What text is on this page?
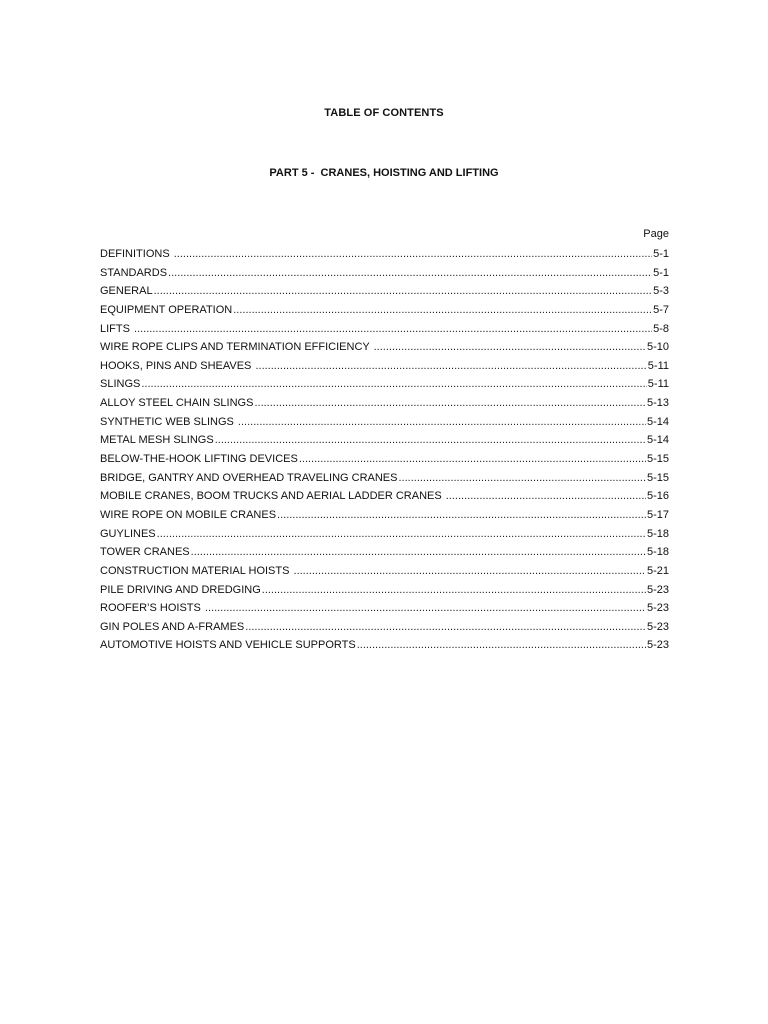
TABLE OF CONTENTS
PART 5 -  CRANES, HOISTING AND LIFTING
Page
DEFINITIONS .....	5-1
STANDARDS .....	5-1
GENERAL .....	5-3
EQUIPMENT OPERATION .....	5-7
LIFTS .....	5-8
WIRE ROPE CLIPS AND TERMINATION EFFICIENCY .....	5-10
HOOKS, PINS AND SHEAVES .....	5-11
SLINGS .....	5-11
ALLOY STEEL CHAIN SLINGS .....	5-13
SYNTHETIC WEB SLINGS .....	5-14
METAL MESH SLINGS .....	5-14
BELOW-THE-HOOK LIFTING DEVICES .....	5-15
BRIDGE, GANTRY AND OVERHEAD TRAVELING CRANES .....	5-15
MOBILE CRANES, BOOM TRUCKS AND AERIAL LADDER CRANES .....	5-16
WIRE ROPE ON MOBILE CRANES .....	5-17
GUYLINES .....	5-18
TOWER CRANES .....	5-18
CONSTRUCTION MATERIAL HOISTS .....	5-21
PILE DRIVING AND DREDGING .....	5-23
ROOFER’S HOISTS .....	5-23
GIN POLES AND A-FRAMES .....	5-23
AUTOMOTIVE HOISTS AND VEHICLE SUPPORTS .....	5-23
